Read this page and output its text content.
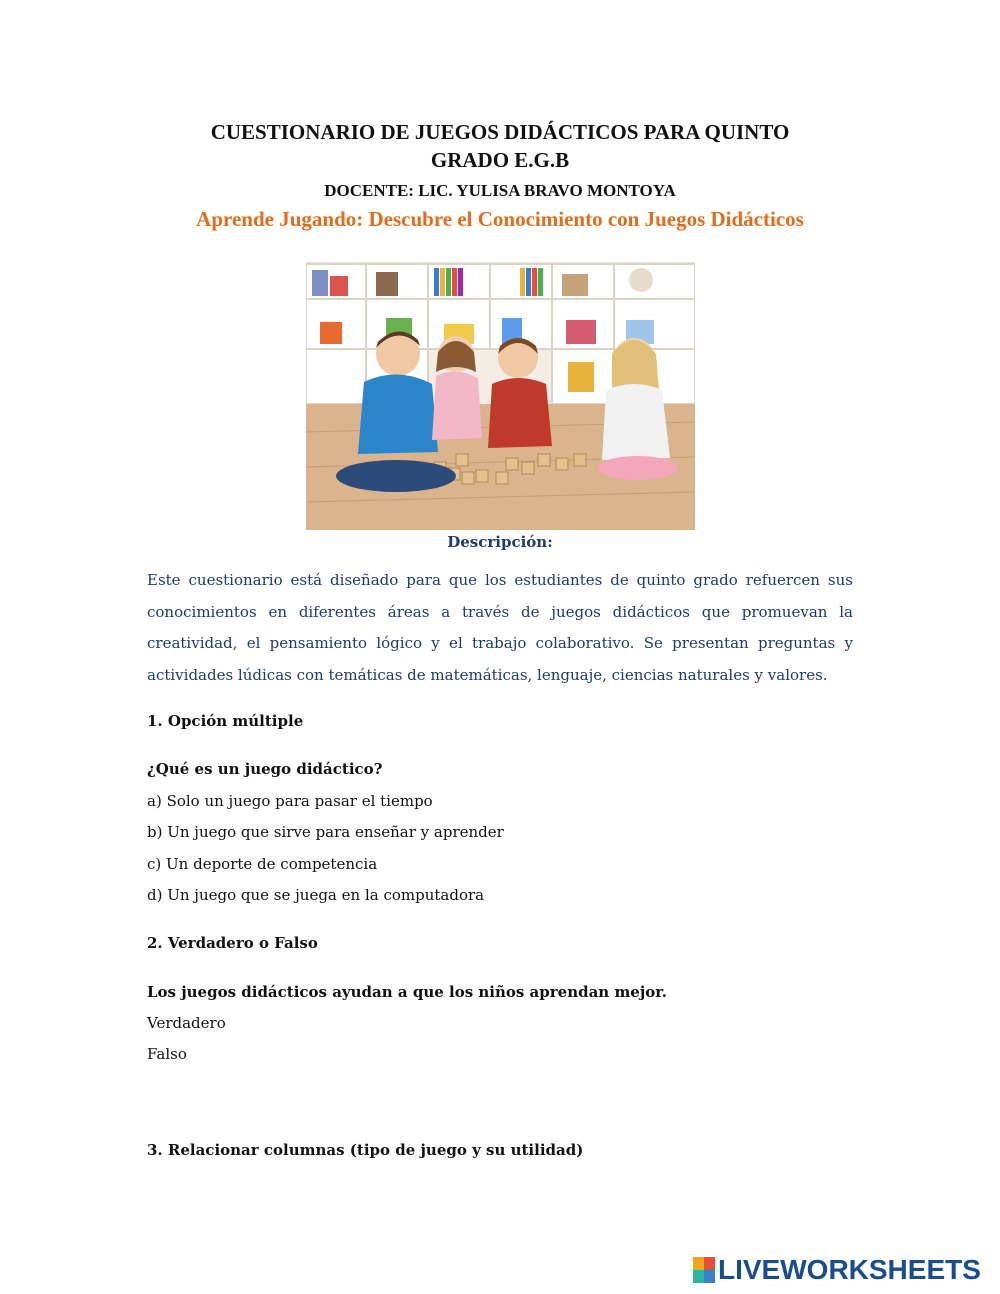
CUESTIONARIO DE JUEGOS DIDÁCTICOS PARA QUINTO
GRADO E.G.B
DOCENTE: LIC. YULISA BRAVO MONTOYA
Aprende Jugando: Descubre el Conocimiento con Juegos Didácticos
Descripción:

Este cuestionario está diseñado para que los estudiantes de quinto grado refuercen sus conocimientos en diferentes áreas a través de juegos didácticos que promuevan la creatividad, el pensamiento lógico y el trabajo colaborativo. Se presentan preguntas y actividades lúdicas con temáticas de matemáticas, lenguaje, ciencias naturales y valores.

1. Opción múltiple
¿Qué es un juego didáctico?
a) Solo un juego para pasar el tiempo
b) Un juego que sirve para enseñar y aprender
c) Un deporte de competencia
d) Un juego que se juega en la computadora
2. Verdadero o Falso
Los juegos didácticos ayudan a que los niños aprendan mejor.
Verdadero
Falso
3. Relacionar columnas (tipo de juego y su utilidad)
LIVEWORKSHEETS
